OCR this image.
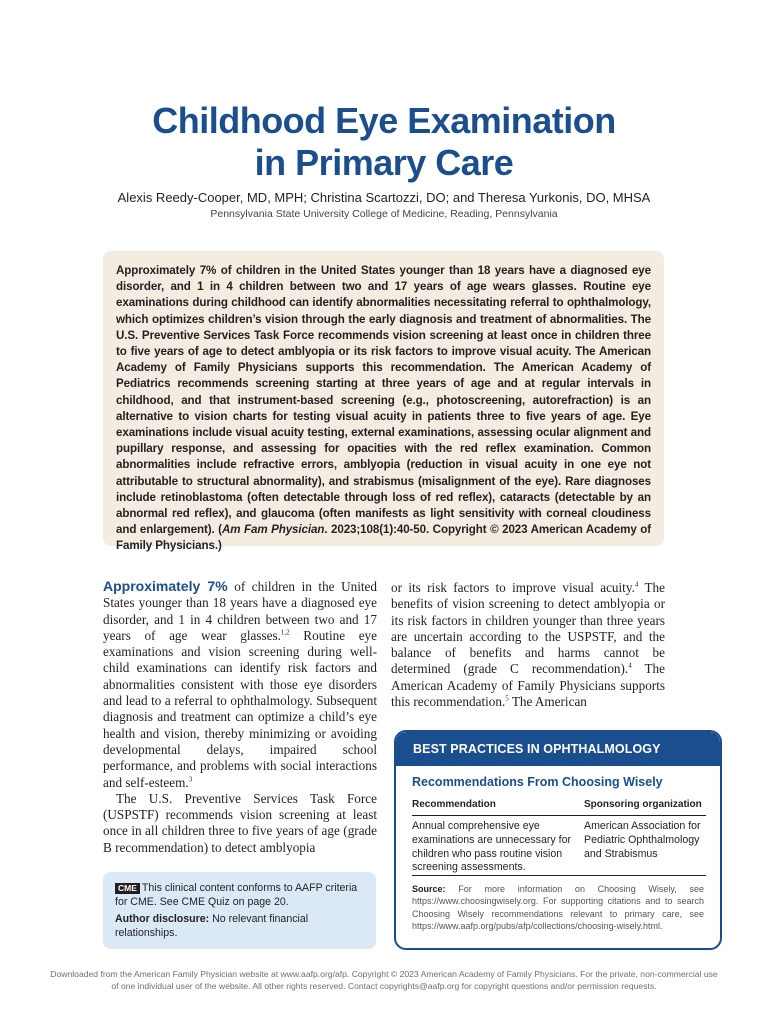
Childhood Eye Examination
in Primary Care
Alexis Reedy-Cooper, MD, MPH; Christina Scartozzi, DO; and Theresa Yurkonis, DO, MHSA
Pennsylvania State University College of Medicine, Reading, Pennsylvania

Approximately 7% of children in the United States younger than 18 years have a diagnosed eye disorder, and 1 in 4 children between two and 17 years of age wears glasses. Routine eye examinations during childhood can identify abnormalities necessitating referral to ophthalmology, which optimizes children’s vision through the early diagnosis and treatment of abnormalities. The U.S. Preventive Services Task Force recommends vision screening at least once in children three to five years of age to detect amblyopia or its risk factors to improve visual acuity. The American Academy of Family Physicians supports this recommendation. The American Academy of Pediatrics recommends screening starting at three years of age and at regular intervals in childhood, and that instrument-based screening (e.g., photoscreening, autorefraction) is an alternative to vision charts for testing visual acuity in patients three to five years of age. Eye examinations include visual acuity testing, external examinations, assessing ocular alignment and pupillary response, and assessing for opacities with the red reflex examination. Common abnormalities include refractive errors, amblyopia (reduction in visual acuity in one eye not attributable to structural abnormality), and strabismus (misalignment of the eye). Rare diagnoses include retinoblastoma (often detectable through loss of red reflex), cataracts (detectable by an abnormal red reflex), and glaucoma (often manifests as light sensitivity with corneal cloudiness and enlargement). (Am Fam Physician. 2023;108(1):40-50. Copyright © 2023 American Academy of Family Physicians.)

Approximately 7% of children in the United States younger than 18 years have a diagnosed eye disorder, and 1 in 4 children between two and 17 years of age wear glasses.$^{1,2}$ Routine eye examinations and vision screening during well-child examinations can identify risk factors and abnormalities consistent with those eye disorders and lead to a referral to ophthalmology. Subsequent diagnosis and treatment can optimize a child’s eye health and vision, thereby minimizing or avoiding developmental delays, impaired school performance, and problems with social interactions and self-esteem.$^3$

The U.S. Preventive Services Task Force (USPSTF) recommends vision screening at least once in all children three to five years of age (grade B recommendation) to detect amblyopia

or its risk factors to improve visual acuity.$^4$ The benefits of vision screening to detect amblyopia or its risk factors in children younger than three years are uncertain according to the USPSTF, and the balance of benefits and harms cannot be determined (grade C recommendation).$^4$ The American Academy of Family Physicians supports this recommendation.$^5$ The American

CME This clinical content conforms to AAFP criteria for CME. See CME Quiz on page 20.
Author disclosure: No relevant financial relationships.
BEST PRACTICES IN OPHTHALMOLOGY
Recommendations From Choosing Wisely
Recommendation	Sponsoring organization
Annual comprehensive eye examinations are unnecessary for children who pass routine vision screening assessments.
American Association for Pediatric Ophthalmology and Strabismus
Source: For more information on Choosing Wisely, see https://www.choosingwisely.org. For supporting citations and to search Choosing Wisely recommendations relevant to primary care, see https://www.aafp.org/pubs/afp/collections/choosing-wisely.html.
Downloaded from the American Family Physician website at www.aafp.org/afp. Copyright © 2023 American Academy of Family Physicians. For the private, non-commercial use of one individual user of the website. All other rights reserved. Contact copyrights@aafp.org for copyright questions and/or permission requests.
